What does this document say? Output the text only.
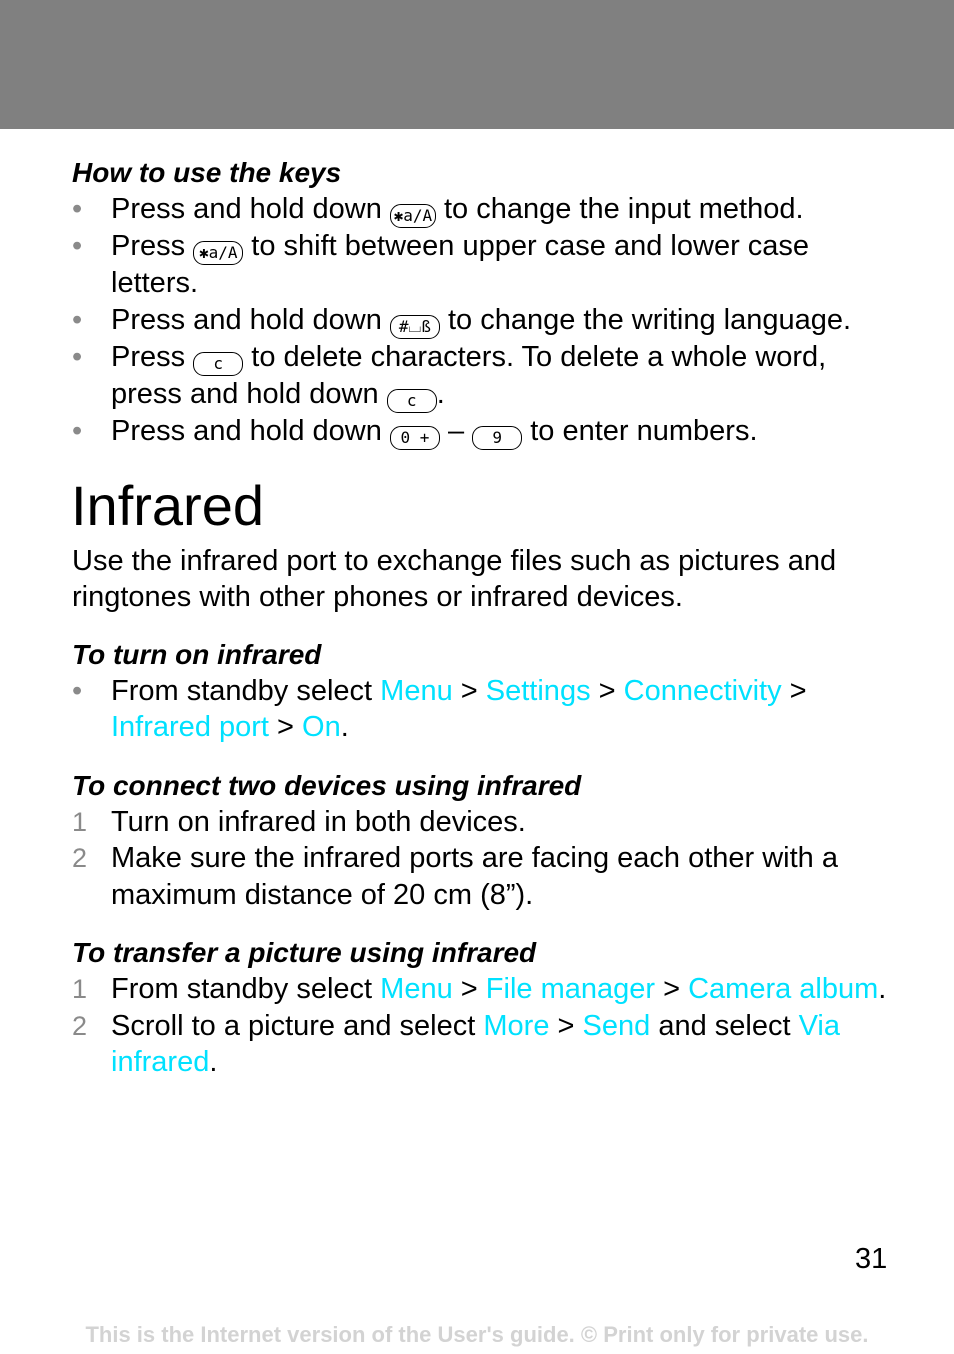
How to use the keys

• Press and hold down ✱a/A to change the input method.
• Press ✱a/A to shift between upper case and lower case letters.
• Press and hold down #⌴ß to change the writing language.
• Press c to delete characters. To delete a whole word, press and hold down c .
• Press and hold down 0 + – 9 to enter numbers.
Infrared

Use the infrared port to exchange files such as pictures and ringtones with other phones or infrared devices.

To turn on infrared

• From standby select Menu > Settings > Connectivity > Infrared port > On.

To connect two devices using infrared

1 Turn on infrared in both devices.
2 Make sure the infrared ports are facing each other with a maximum distance of 20 cm (8”).

To transfer a picture using infrared

1 From standby select Menu > File manager > Camera album.
2 Scroll to a picture and select More > Send and select Via infrared.
31
This is the Internet version of the User's guide. © Print only for private use.
